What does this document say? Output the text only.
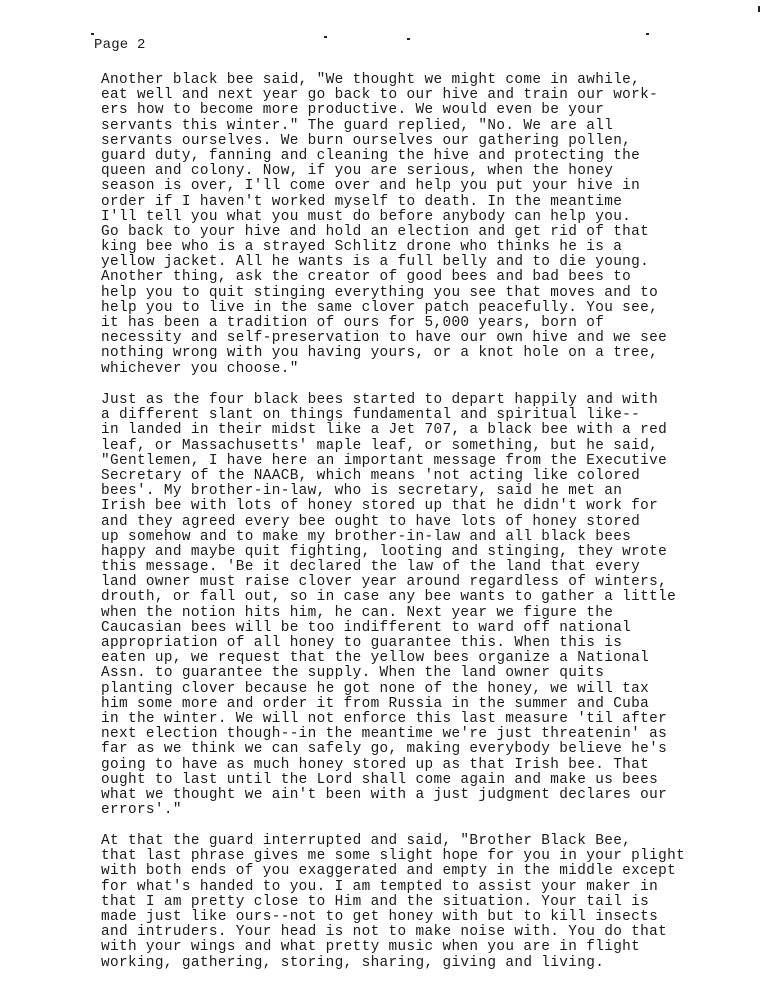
Page 2
Another black bee said, "We thought we might come in awhile,
eat well and next year go back to our hive and train our work-
ers how to become more productive. We would even be your
servants this winter." The guard replied, "No. We are all
servants ourselves. We burn ourselves our gathering pollen,
guard duty, fanning and cleaning the hive and protecting the
queen and colony. Now, if you are serious, when the honey
season is over, I'll come over and help you put your hive in
order if I haven't worked myself to death. In the meantime
I'll tell you what you must do before anybody can help you.
Go back to your hive and hold an election and get rid of that
king bee who is a strayed Schlitz drone who thinks he is a
yellow jacket. All he wants is a full belly and to die young.
Another thing, ask the creator of good bees and bad bees to
help you to quit stinging everything you see that moves and to
help you to live in the same clover patch peacefully. You see,
it has been a tradition of ours for 5,000 years, born of
necessity and self-preservation to have our own hive and we see
nothing wrong with you having yours, or a knot hole on a tree,
whichever you choose."
Just as the four black bees started to depart happily and with
a different slant on things fundamental and spiritual like--
in landed in their midst like a Jet 707, a black bee with a red
leaf, or Massachusetts' maple leaf, or something, but he said,
"Gentlemen, I have here an important message from the Executive
Secretary of the NAACB, which means 'not acting like colored
bees'. My brother-in-law, who is secretary, said he met an
Irish bee with lots of honey stored up that he didn't work for
and they agreed every bee ought to have lots of honey stored
up somehow and to make my brother-in-law and all black bees
happy and maybe quit fighting, looting and stinging, they wrote
this message. 'Be it declared the law of the land that every
land owner must raise clover year around regardless of winters,
drouth, or fall out, so in case any bee wants to gather a little
when the notion hits him, he can. Next year we figure the
Caucasian bees will be too indifferent to ward off national
appropriation of all honey to guarantee this. When this is
eaten up, we request that the yellow bees organize a National
Assn. to guarantee the supply. When the land owner quits
planting clover because he got none of the honey, we will tax
him some more and order it from Russia in the summer and Cuba
in the winter. We will not enforce this last measure 'til after
next election though--in the meantime we're just threatenin' as
far as we think we can safely go, making everybody believe he's
going to have as much honey stored up as that Irish bee. That
ought to last until the Lord shall come again and make us bees
what we thought we ain't been with a just judgment declares our
errors'."
At that the guard interrupted and said, "Brother Black Bee,
that last phrase gives me some slight hope for you in your plight
with both ends of you exaggerated and empty in the middle except
for what's handed to you. I am tempted to assist your maker in
that I am pretty close to Him and the situation. Your tail is
made just like ours--not to get honey with but to kill insects
and intruders. Your head is not to make noise with. You do that
with your wings and what pretty music when you are in flight
working, gathering, storing, sharing, giving and living.
